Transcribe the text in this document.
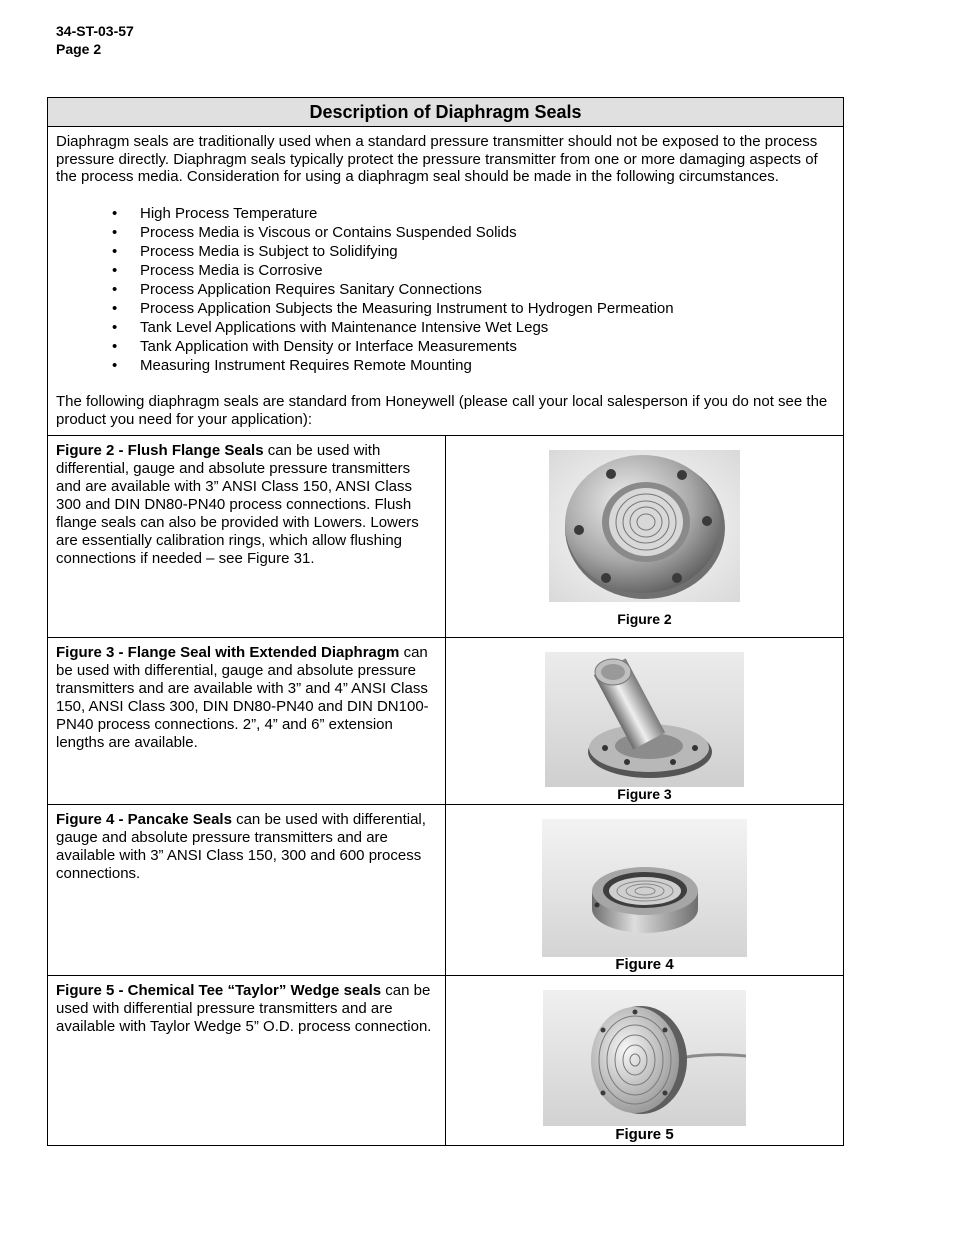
34-ST-03-57
Page 2
Description of Diaphragm Seals

Diaphragm seals are traditionally used when a standard pressure transmitter should not be exposed to the process pressure directly. Diaphragm seals typically protect the pressure transmitter from one or more damaging aspects of the process media. Consideration for using a diaphragm seal should be made in the following circumstances.

• High Process Temperature
• Process Media is Viscous or Contains Suspended Solids
• Process Media is Subject to Solidifying
• Process Media is Corrosive
• Process Application Requires Sanitary Connections
• Process Application Subjects the Measuring Instrument to Hydrogen Permeation
• Tank Level Applications with Maintenance Intensive Wet Legs
• Tank Application with Density or Interface Measurements
• Measuring Instrument Requires Remote Mounting

The following diaphragm seals are standard from Honeywell (please call your local salesperson if you do not see the product you need for your application):

Figure 2 - Flush Flange Seals can be used with differential, gauge and absolute pressure transmitters and are available with 3” ANSI Class 150, ANSI Class 300 and DIN DN80-PN40 process connections. Flush flange seals can also be provided with Lowers. Lowers are essentially calibration rings, which allow flushing connections if needed – see Figure 31.
Figure 2
Figure 3 - Flange Seal with Extended Diaphragm can be used with differential, gauge and absolute pressure transmitters and are available with 3” and 4” ANSI Class 150, ANSI Class 300, DIN DN80-PN40 and DIN DN100-PN40 process connections. 2”, 4” and 6” extension lengths are available.
Figure 3
Figure 4 - Pancake Seals can be used with differential, gauge and absolute pressure transmitters and are available with 3” ANSI Class 150, 300 and 600 process connections.
Figure 4
Figure 5 - Chemical Tee “Taylor” Wedge seals can be used with differential pressure transmitters and are available with Taylor Wedge 5” O.D. process connection.
Figure 5
